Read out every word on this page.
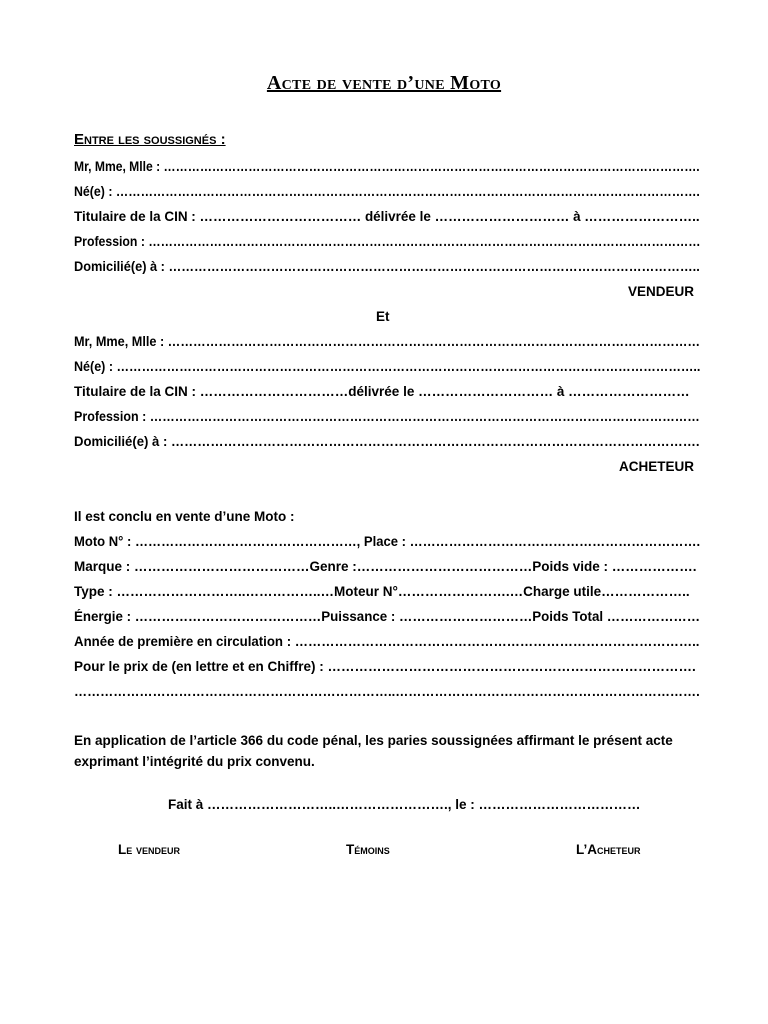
Acte de vente d’une Moto
Entre les soussignés :
Mr, Mme, Mlle : …………………………………………………………………………………………………………………….
Né(e) : …………………………………………………………………………………………………………………………….
Titulaire de la CIN : ……………………………… délivrée le ………………………… à ……………………..
Profession : ………………………………………………………………………………………………………………………
Domicilié(e) à : ……………………………………………………………………………………………………………..
VENDEUR
Et
Mr, Mme, Mlle : ………………………………………………………………………………………………………………
Né(e) : …………………………………………………………………………………………………………………………..
Titulaire de la CIN : ……………………………délivrée le ………………………… à ………………………
Profession : ……………………………………………………………………………………………………………………
Domicilié(e) à : ………………………………………………………………………………………………………….
ACHETEUR
Il est conclu en vente d’une Moto :
Moto N° : ……………………………………………, Place : ………………………………………………………….
Marque : …………………………………Genre :…………………………………Poids vide : ……………….
Type : ………………………..……………..…Moteur N°…………………….…Charge utile………………..
Énergie : ……………………………………Puissance : …………………………Poids Total …………………
Année de première en circulation : ………………………………………………………………………………..
Pour le prix de (en lettre et en Chiffre) : ……………………………………………………………………….
………………………………………………………………..…………………………………………………………….
En application de l’article 366 du code pénal, les paries soussignées affirmant le présent acte exprimant l’intégrité du prix convenu.
Fait à ………………………..……………………., le : ………………………………
Le vendeur	Témoins	L’Acheteur
